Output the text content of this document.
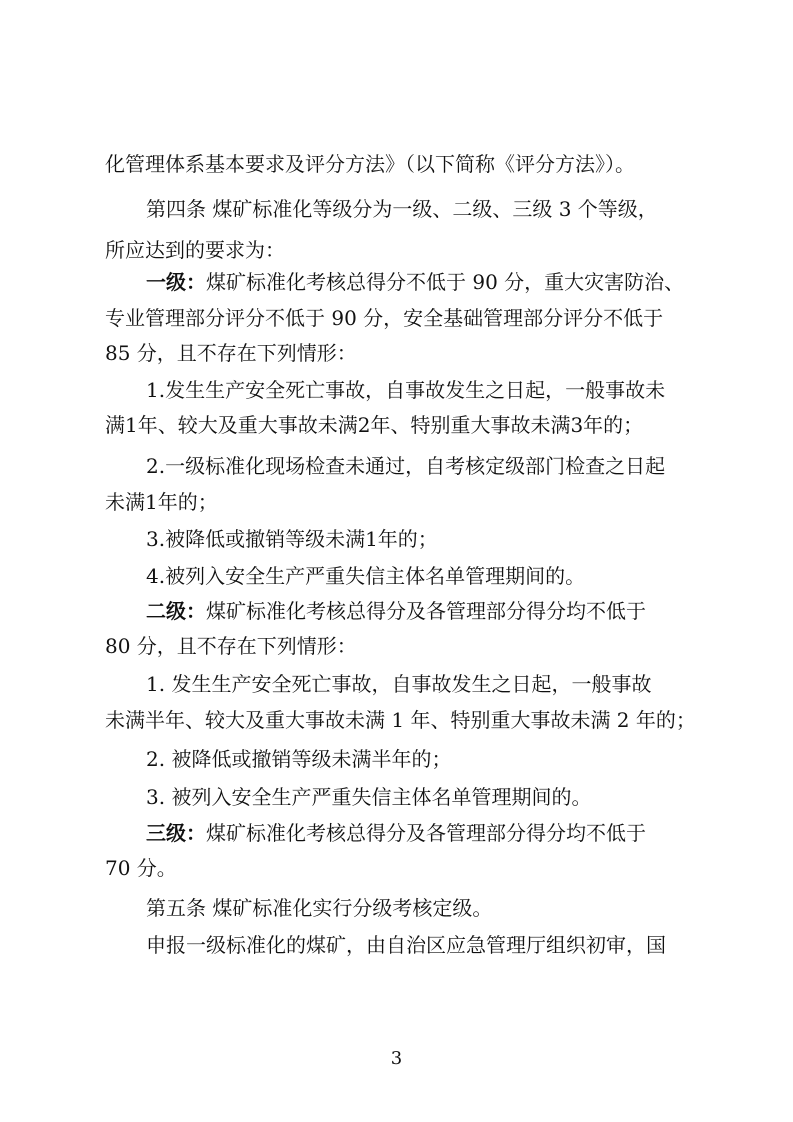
化管理体系基本要求及评分方法》（以下简称《评分方法》）。
第四条 煤矿标准化等级分为一级、二级、三级 3 个等级，
所应达到的要求为：
一级：煤矿标准化考核总得分不低于 90 分，重大灾害防治、
专业管理部分评分不低于 90 分，安全基础管理部分评分不低于
85 分，且不存在下列情形：
1.发生生产安全死亡事故，自事故发生之日起，一般事故未
满1年、较大及重大事故未满2年、特别重大事故未满3年的；
2.一级标准化现场检查未通过，自考核定级部门检查之日起
未满1年的；
3.被降低或撤销等级未满1年的；
4.被列入安全生产严重失信主体名单管理期间的。
二级：煤矿标准化考核总得分及各管理部分得分均不低于
80 分，且不存在下列情形：
1. 发生生产安全死亡事故，自事故发生之日起，一般事故
未满半年、较大及重大事故未满 1 年、特别重大事故未满 2 年的；
2. 被降低或撤销等级未满半年的；
3. 被列入安全生产严重失信主体名单管理期间的。
三级：煤矿标准化考核总得分及各管理部分得分均不低于
70 分。
第五条 煤矿标准化实行分级考核定级。
申报一级标准化的煤矿，由自治区应急管理厅组织初审，国
3
